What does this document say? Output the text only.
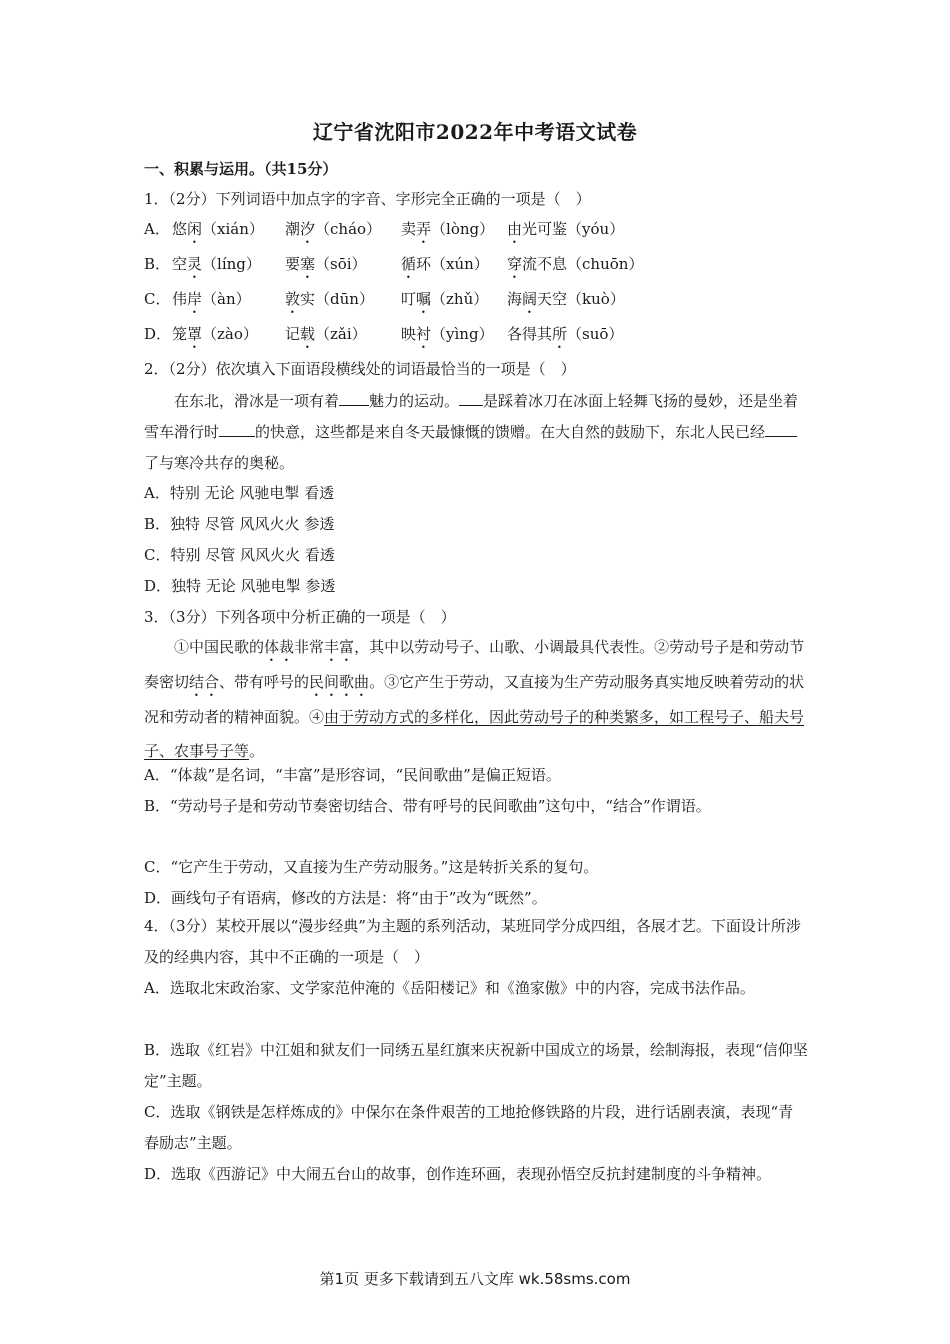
辽宁省沈阳市2022年中考语文试卷
一、积累与运用。（共15分）
1．（2分）下列词语中加点字的字音、字形完全正确的一项是（　）
A． 悠闲（xián） 潮汐（cháo） 卖弄（lòng） 由光可鉴（yóu）
B． 空灵（líng） 要塞（sōi） 循环（xún） 穿流不息（chuōn）
C． 伟岸（àn） 敦实（dūn） 叮嘱（zhǔ） 海阔天空（kuò）
D． 笼罩（zào） 记载（zǎi） 映衬（yìng） 各得其所（suō）
2．（2分）依次填入下面语段横线处的词语最恰当的一项是（　）

在东北，滑冰是一项有着 魅力的运动。 是踩着冰刀在冰面上轻舞飞扬的曼妙，还是坐着雪车滑行时 的快意，这些都是来自冬天最慷慨的馈赠。在大自然的鼓励下，东北人民已经了与寒冷共存的奥秘。

A．特别 无论 风驰电掣 看透
B．独特 尽管 风风火火 参透
C．特别 尽管 风风火火 看透
D．独特 无论 风驰电掣 参透
3．（3分）下列各项中分析正确的一项是（　）

①中国民歌的体裁非常丰富，其中以劳动号子、山歌、小调最具代表性。②劳动号子是和劳动节奏密切结合、带有呼号的民间歌曲。③它产生于劳动，又直接为生产劳动服务真实地反映着劳动的状况和劳动者的精神面貌。④由于劳动方式的多样化，因此劳动号子的种类繁多，如工程号子、船夫号子、农事号子等。

A．“体裁”是名词，“丰富”是形容词，“民间歌曲”是偏正短语。
B．“劳动号子是和劳动节奏密切结合、带有呼号的民间歌曲”这句中，“结合”作谓语。
C．“它产生于劳动，又直接为生产劳动服务。”这是转折关系的复句。
D．画线句子有语病，修改的方法是：将“由于”改为“既然”。
4．（3分）某校开展以“漫步经典”为主题的系列活动，某班同学分成四组，各展才艺。下面设计所涉及的经典内容，其中不正确的一项是（　）
A．选取北宋政治家、文学家范仲淹的《岳阳楼记》和《渔家傲》中的内容，完成书法作品。
B．选取《红岩》中江姐和狱友们一同绣五星红旗来庆祝新中国成立的场景，绘制海报，表现“信仰坚定”主题。
C．选取《钢铁是怎样炼成的》中保尔在条件艰苦的工地抢修铁路的片段，进行话剧表演，表现“青春励志”主题。
D．选取《西游记》中大闹五台山的故事，创作连环画，表现孙悟空反抗封建制度的斗争精神。
第1页 更多下载请到五八文库 wk.58sms.com
